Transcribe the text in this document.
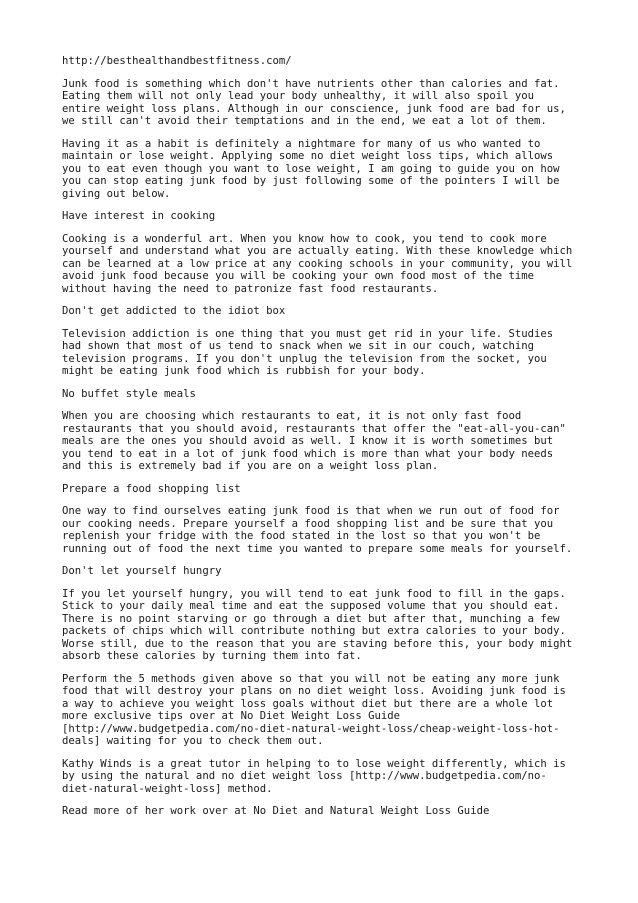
http://besthealthandbestfitness.com/
Junk food is something which don't have nutrients other than calories and fat.
Eating them will not only lead your body unhealthy, it will also spoil you
entire weight loss plans. Although in our conscience, junk food are bad for us,
we still can't avoid their temptations and in the end, we eat a lot of them.
Having it as a habit is definitely a nightmare for many of us who wanted to
maintain or lose weight. Applying some no diet weight loss tips, which allows
you to eat even though you want to lose weight, I am going to guide you on how
you can stop eating junk food by just following some of the pointers I will be
giving out below.
Have interest in cooking
Cooking is a wonderful art. When you know how to cook, you tend to cook more
yourself and understand what you are actually eating. With these knowledge which
can be learned at a low price at any cooking schools in your community, you will
avoid junk food because you will be cooking your own food most of the time
without having the need to patronize fast food restaurants.
Don't get addicted to the idiot box
Television addiction is one thing that you must get rid in your life. Studies
had shown that most of us tend to snack when we sit in our couch, watching
television programs. If you don't unplug the television from the socket, you
might be eating junk food which is rubbish for your body.
No buffet style meals
When you are choosing which restaurants to eat, it is not only fast food
restaurants that you should avoid, restaurants that offer the "eat-all-you-can"
meals are the ones you should avoid as well. I know it is worth sometimes but
you tend to eat in a lot of junk food which is more than what your body needs
and this is extremely bad if you are on a weight loss plan.
Prepare a food shopping list
One way to find ourselves eating junk food is that when we run out of food for
our cooking needs. Prepare yourself a food shopping list and be sure that you
replenish your fridge with the food stated in the lost so that you won't be
running out of food the next time you wanted to prepare some meals for yourself.
Don't let yourself hungry
If you let yourself hungry, you will tend to eat junk food to fill in the gaps.
Stick to your daily meal time and eat the supposed volume that you should eat.
There is no point starving or go through a diet but after that, munching a few
packets of chips which will contribute nothing but extra calories to your body.
Worse still, due to the reason that you are staving before this, your body might
absorb these calories by turning them into fat.
Perform the 5 methods given above so that you will not be eating any more junk
food that will destroy your plans on no diet weight loss. Avoiding junk food is
a way to achieve you weight loss goals without diet but there are a whole lot
more exclusive tips over at No Diet Weight Loss Guide
[http://www.budgetpedia.com/no-diet-natural-weight-loss/cheap-weight-loss-hot-
deals] waiting for you to check them out.
Kathy Winds is a great tutor in helping to to lose weight differently, which is
by using the natural and no diet weight loss [http://www.budgetpedia.com/no-
diet-natural-weight-loss] method.
Read more of her work over at No Diet and Natural Weight Loss Guide
